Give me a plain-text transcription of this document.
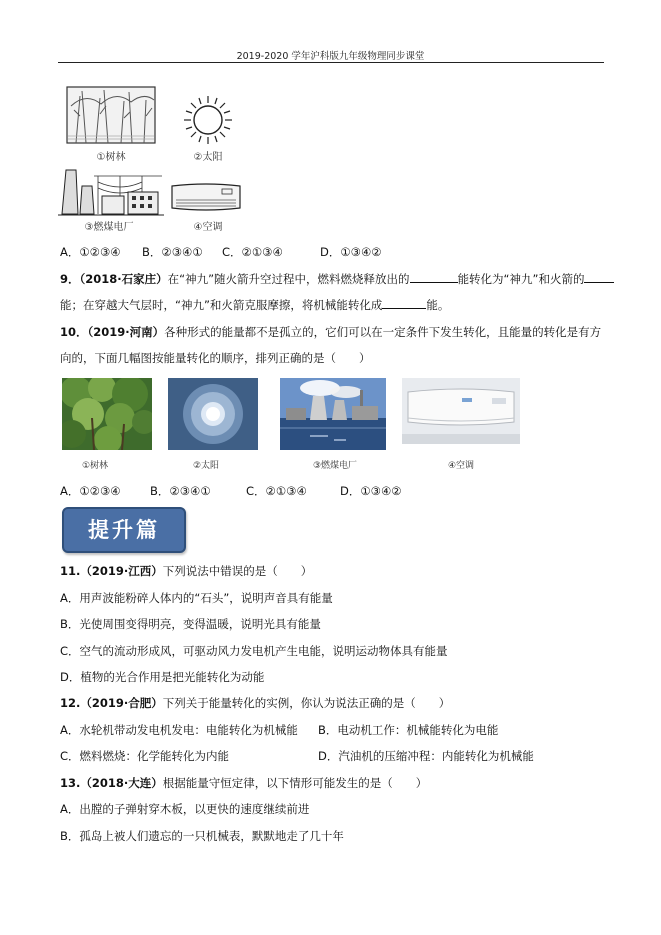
2019-2020 学年沪科版九年级物理同步课堂
①树林	②太阳
③燃煤电厂	④空调
A．①②③④ B．②③④① C．②①③④	D．①③④②
9．（2018·石家庄）在“神九”随火箭升空过程中，燃料燃烧释放出的	能转化为“神九”和火箭的
能；在穿越大气层时，“神九”和火箭克服摩擦，将机械能转化成	能。
10．（2019·河南）各种形式的能量都不是孤立的，它们可以在一定条件下发生转化，且能量的转化是有方
向的，下面几幅图按能量转化的顺序，排列正确的是（　　）
①树林	②太阳	③燃煤电厂	④空调
A．①②③④	B．②③④①	C．②①③④	D．①③④②
提升篇
11.（2019·江西）下列说法中错误的是（　　）
A．用声波能粉碎人体内的“石头”，说明声音具有能量
B．光使周围变得明亮，变得温暖，说明光具有能量
C．空气的流动形成风，可驱动风力发电机产生电能，说明运动物体具有能量
D．植物的光合作用是把光能转化为动能
12.（2019·合肥）下列关于能量转化的实例，你认为说法正确的是（　　）
A．水轮机带动发电机发电：电能转化为机械能 B．电动机工作：机械能转化为电能
C．燃料燃烧：化学能转化为内能	D．汽油机的压缩冲程：内能转化为机械能
13.（2018·大连）根据能量守恒定律，以下情形可能发生的是（　　）
A．出膛的子弹射穿木板，以更快的速度继续前进
B．孤岛上被人们遗忘的一只机械表，默默地走了几十年
